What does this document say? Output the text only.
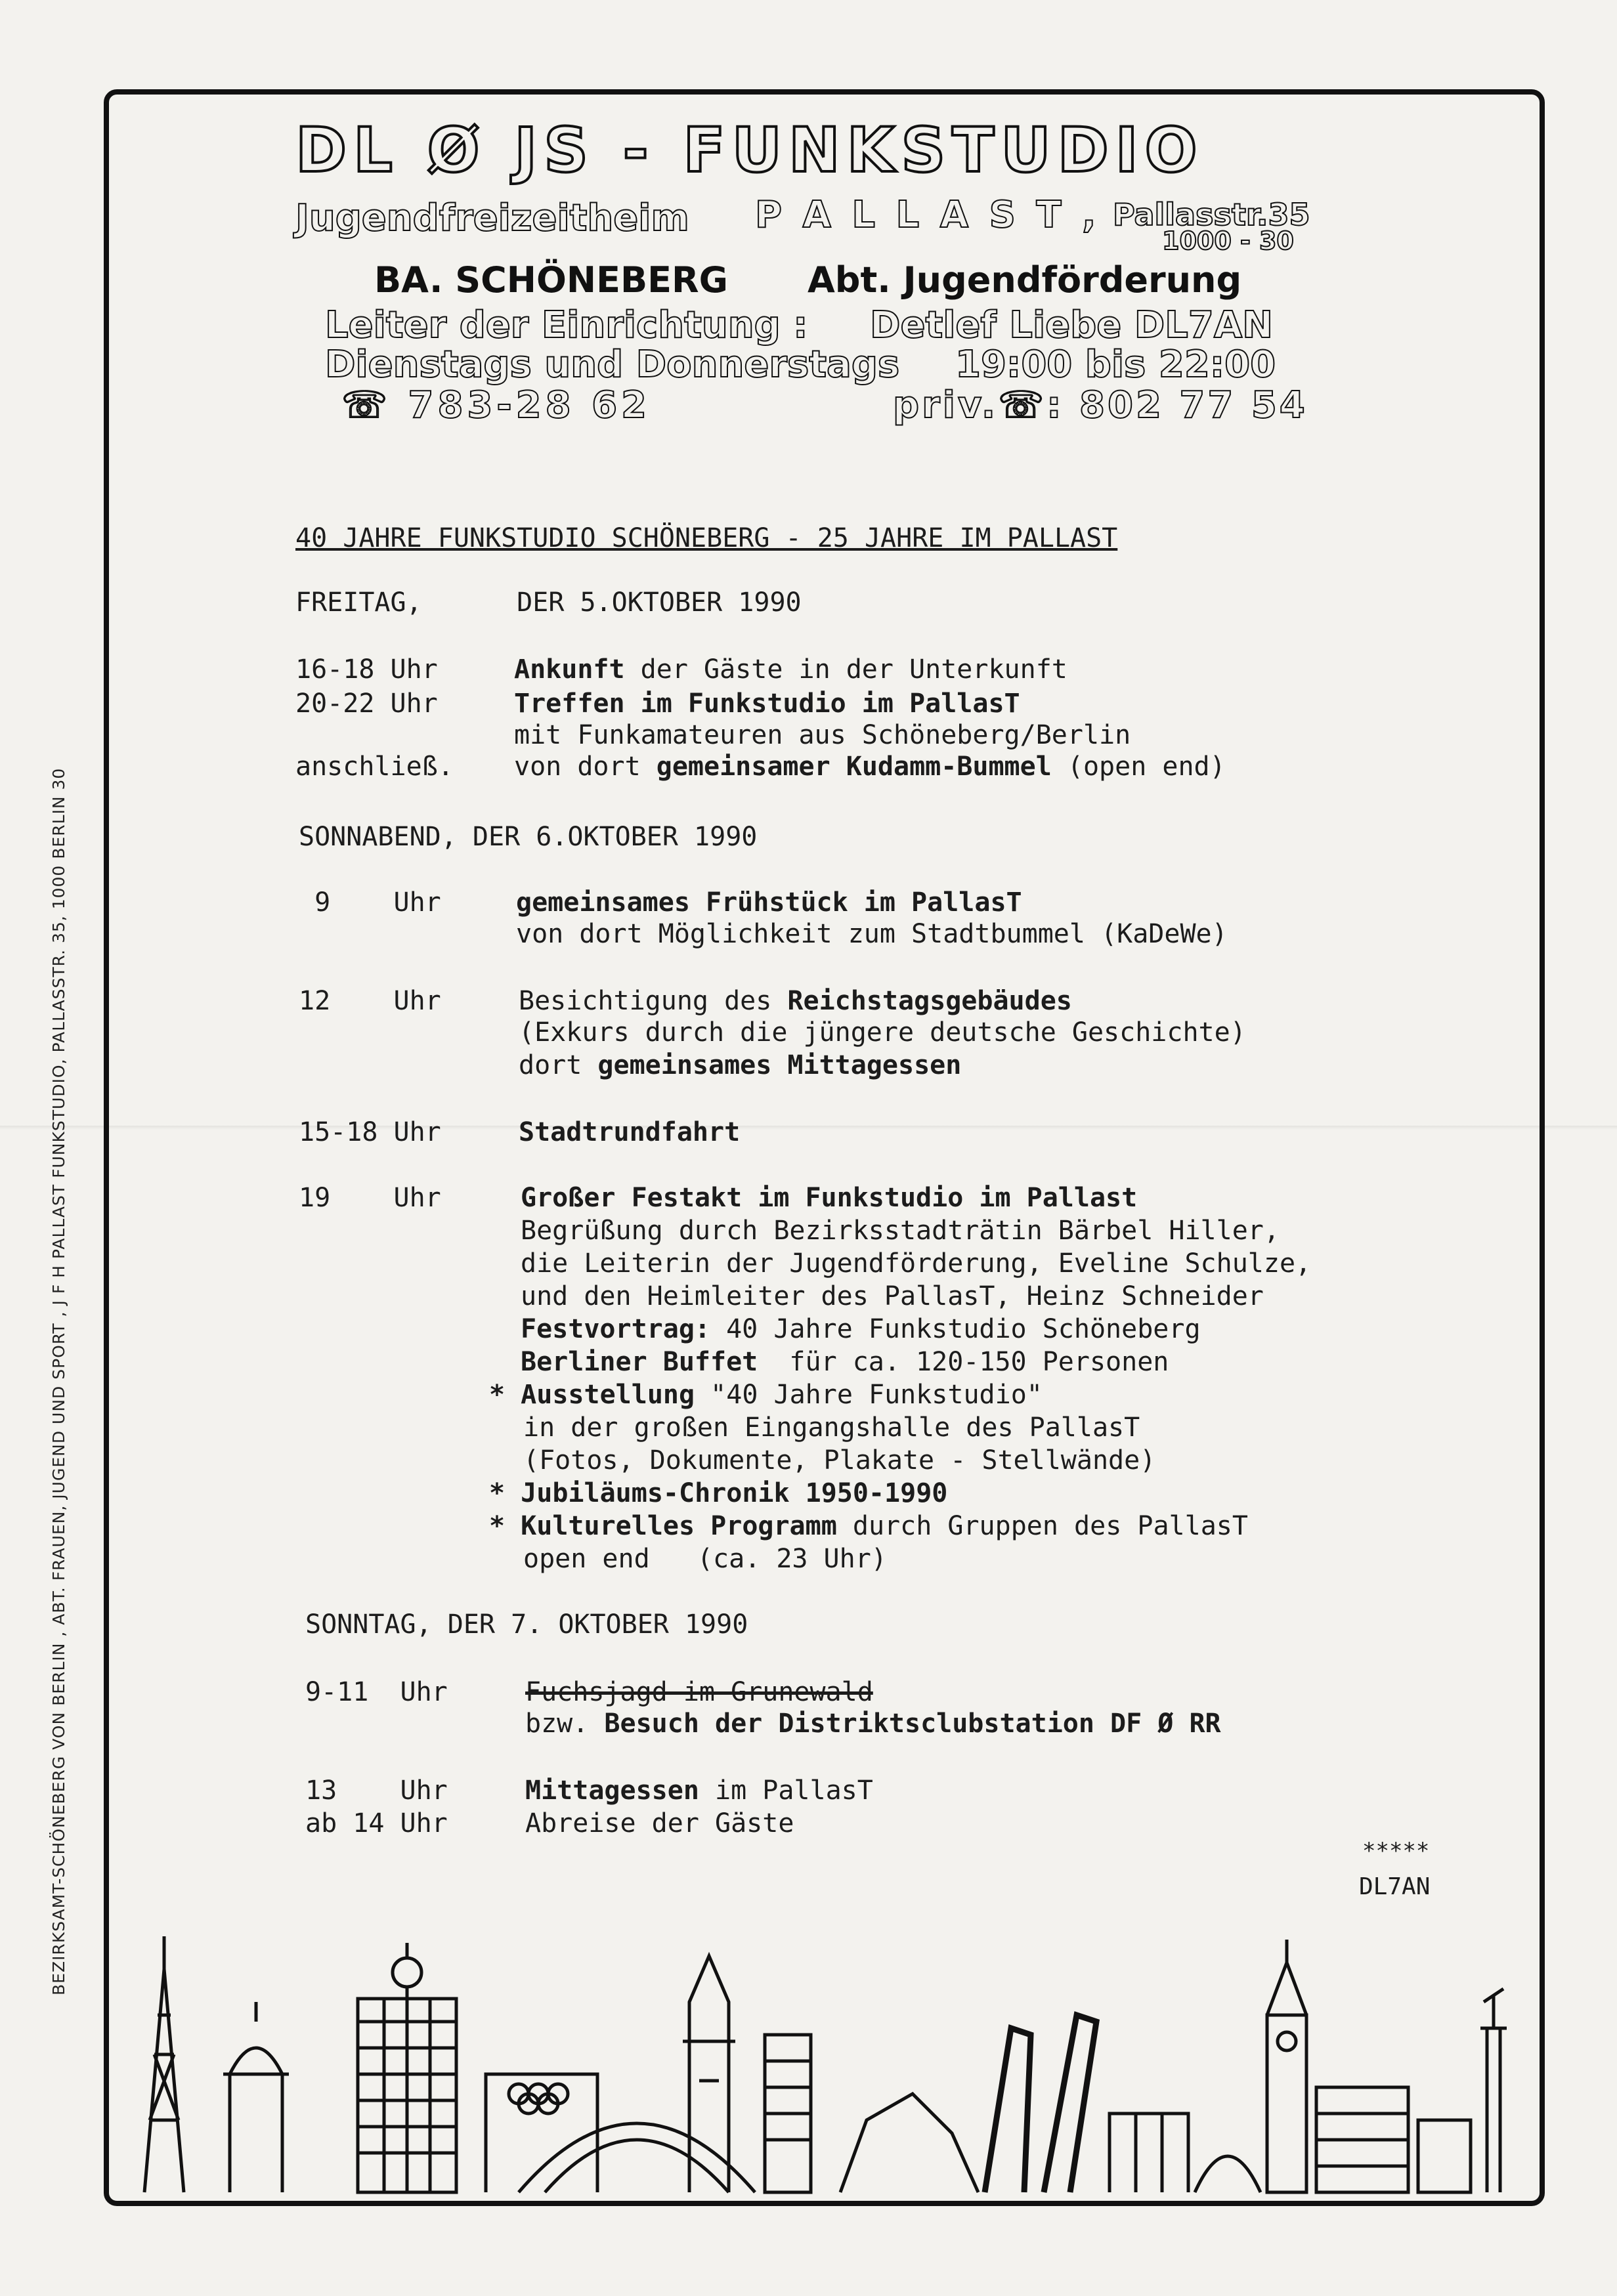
BEZIRKSAMT-SCHÖNEBERG VON BERLIN , ABT. FRAUEN, JUGEND UND SPORT , J F H PALLAST FUNKSTUDIO, PALLASSTR. 35, 1000 BERLIN 30
DL Ø JS - FUNKSTUDIO
Jugendfreizeitheim P A L L A S T , Pallasstr.35
1000 - 30
BA. SCHÖNEBERG Abt. Jugendförderung
Leiter der Einrichtung : Detlef Liebe DL7AN
Dienstags und Donnerstags 19:00 bis 22:00
☏ 783-28 62	priv.☏: 802 77 54
40 JAHRE FUNKSTUDIO SCHÖNEBERG - 25 JAHRE IM PALLAST
FREITAG,      DER 5.OKTOBER 1990
16-18 Uhr	Ankunft der Gäste in der Unterkunft
20-22 Uhr	Treffen im Funkstudio im PallasT
mit Funkamateuren aus Schöneberg/Berlin
anschließ. von dort gemeinsamer Kudamm-Bummel (open end)
SONNABEND, DER 6.OKTOBER 1990
9    Uhr	gemeinsames Frühstück im PallasT
von dort Möglichkeit zum Stadtbummel (KaDeWe)
12    Uhr	Besichtigung des Reichstagsgebäudes
(Exkurs durch die jüngere deutsche Geschichte)
dort gemeinsames Mittagessen
15-18 Uhr	Stadtrundfahrt
19    Uhr	Großer Festakt im Funkstudio im Pallast
Begrüßung durch Bezirksstadträtin Bärbel Hiller,
die Leiterin der Jugendförderung, Eveline Schulze,
und den Heimleiter des PallasT, Heinz Schneider
Festvortrag: 40 Jahre Funkstudio Schöneberg
Berliner Buffet  für ca. 120-150 Personen
* Ausstellung "40 Jahre Funkstudio"
in der großen Eingangshalle des PallasT
(Fotos, Dokumente, Plakate - Stellwände)
* Jubiläums-Chronik 1950-1990
* Kulturelles Programm durch Gruppen des PallasT
open end   (ca. 23 Uhr)
SONNTAG, DER 7. OKTOBER 1990
9-11  Uhr	Fuchsjagd im Grunewald
bzw. Besuch der Distriktsclubstation DF Ø RR
13    Uhr	Mittagessen im PallasT
ab 14 Uhr	Abreise der Gäste
*****
DL7AN
